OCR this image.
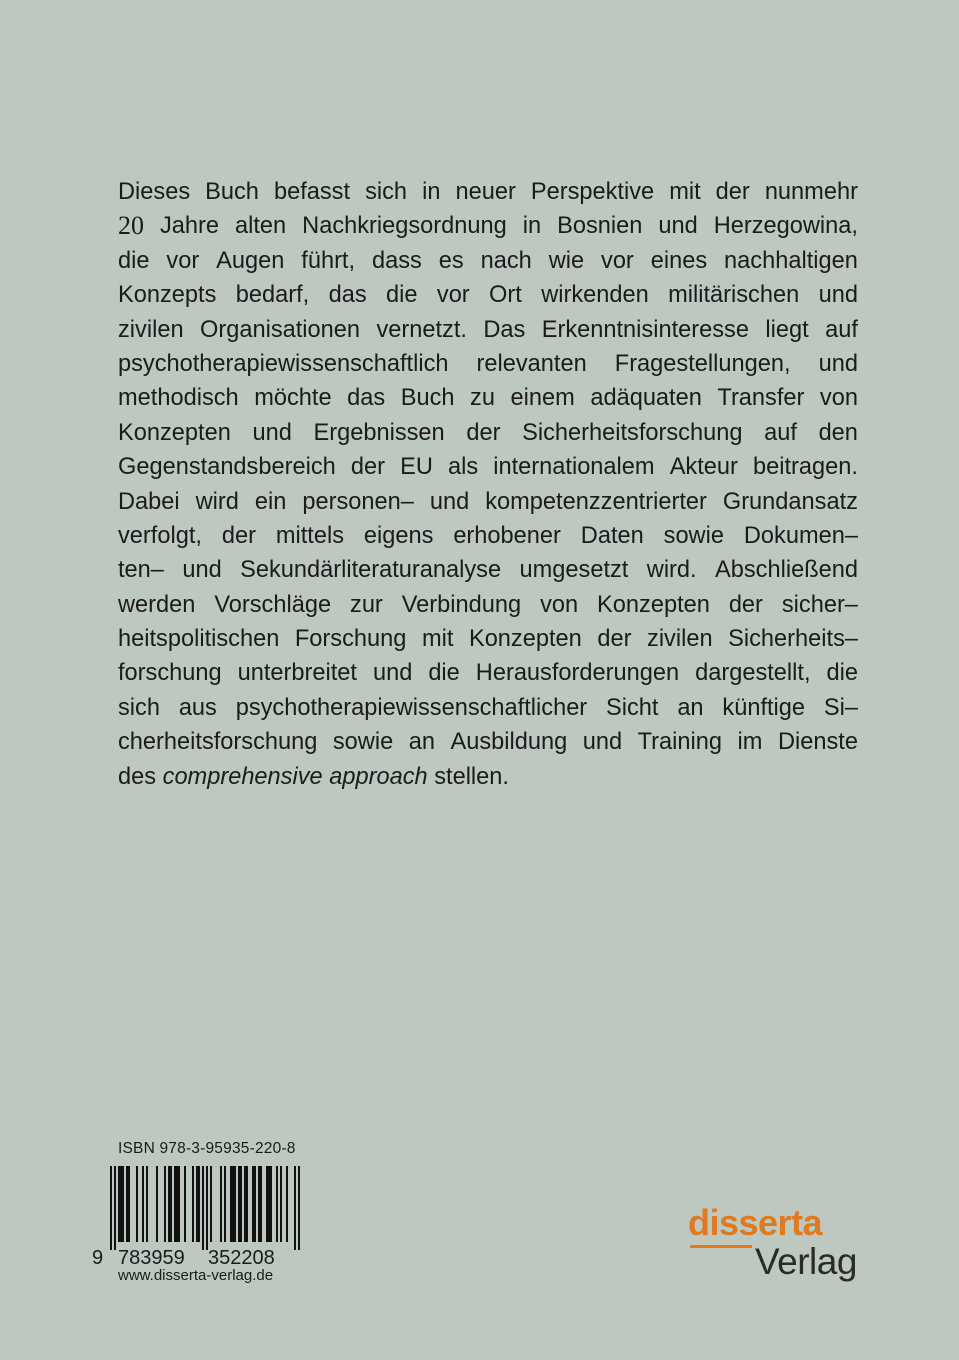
Dieses Buch befasst sich in neuer Perspektive mit der nunmehr
20 Jahre alten Nachkriegsordnung in Bosnien und Herzegowina,
die vor Augen führt, dass es nach wie vor eines nachhaltigen
Konzepts bedarf, das die vor Ort wirkenden militärischen und
zivilen Organisationen vernetzt. Das Erkenntnisinteresse liegt auf
psychotherapiewissenschaftlich relevanten Fragestellungen, und
methodisch möchte das Buch zu einem adäquaten Transfer von
Konzepten und Ergebnissen der Sicherheitsforschung auf den
Gegenstandsbereich der EU als internationalem Akteur beitragen.
Dabei wird ein personen– und kompetenzzentrierter Grundansatz
verfolgt, der mittels eigens erhobener Daten sowie Dokumen–
ten– und Sekundärliteraturanalyse umgesetzt wird. Abschließend
werden Vorschläge zur Verbindung von Konzepten der sicher–
heitspolitischen Forschung mit Konzepten der zivilen Sicherheits–
forschung unterbreitet und die Herausforderungen dargestellt, die
sich aus psychotherapiewissenschaftlicher Sicht an künftige Si–
cherheitsforschung sowie an Ausbildung und Training im Dienste
des comprehensive approach stellen.
ISBN 978-3-95935-220-8
9 783959 352208
www.disserta-verlag.de
disserta
Verlag
